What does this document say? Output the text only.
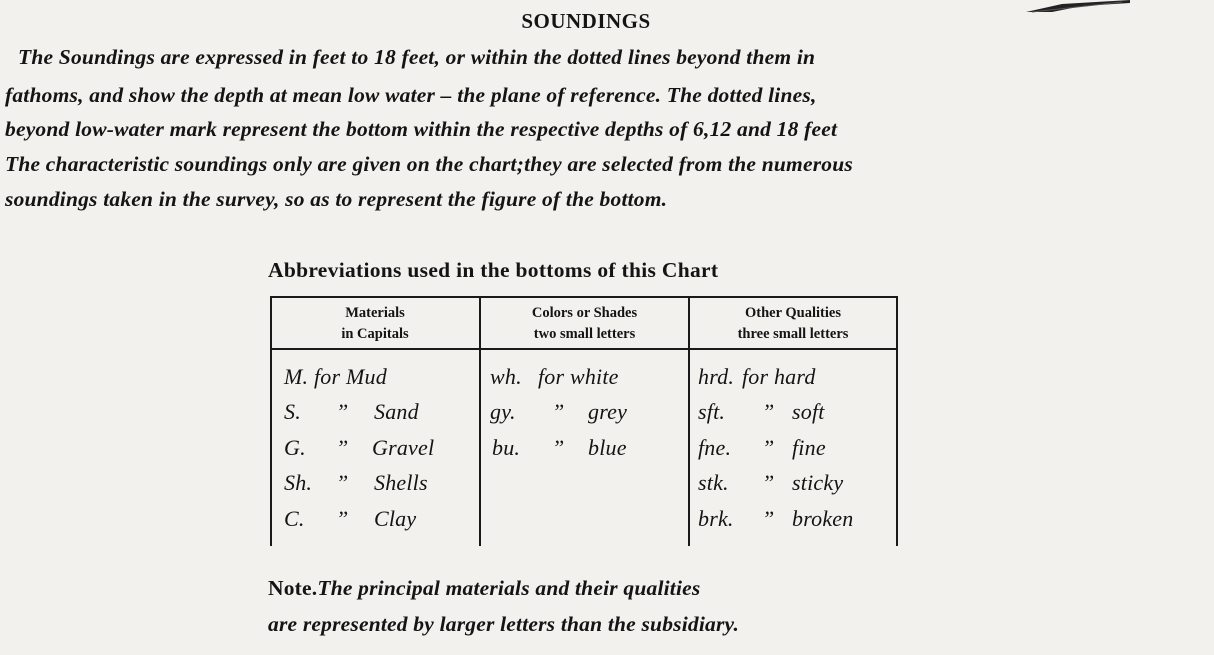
SOUNDINGS
The Soundings are expressed in feet to 18 feet, or within the dotted lines beyond them in
fathoms, and show the depth at mean low water – the plane of reference. The dotted lines,
beyond low-water mark represent the bottom within the respective depths of 6,12 and 18 feet
The characteristic soundings only are given on the chart;they are selected from the numerous
soundings taken in the survey, so as to represent the figure of the bottom.
Abbreviations used in the bottoms of this Chart
Materials
in Capitals
Colors or Shades
two small letters
Other Qualities
three small letters
M. for Mud
S. ” Sand
G. ” Gravel
Sh. ” Shells
C. ” Clay
wh. for white
gy. ” grey
bu. ” blue
hrd. for hard
sft. ” soft
fne. ” fine
stk. ” sticky
brk. ” broken
Note.The principal materials and their qualities
are represented by larger letters than the subsidiary.
